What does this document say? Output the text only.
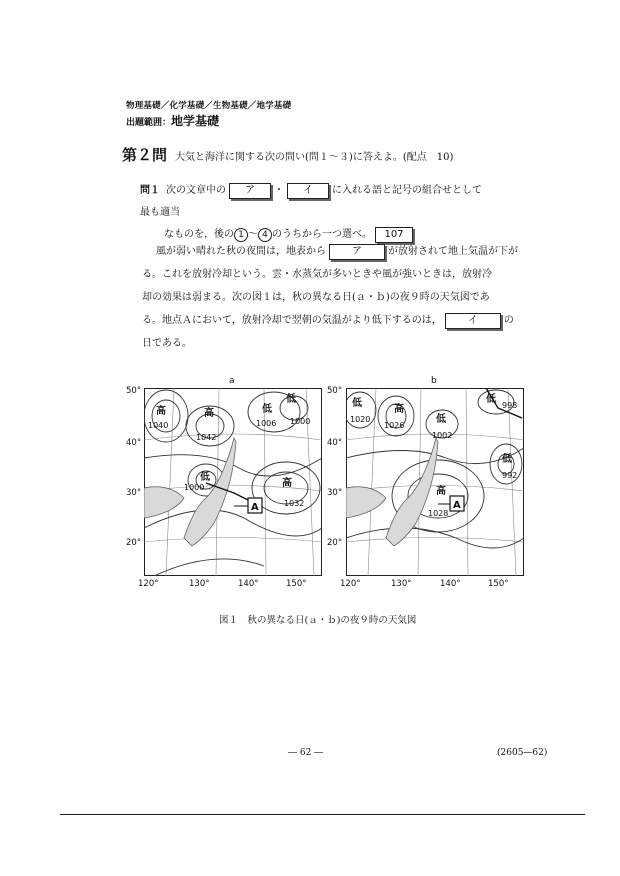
物理基礎／化学基礎／生物基礎／地学基礎
出題範囲：地学基礎
第２問 大気と海洋に関する次の問い(問１～３)に答えよ。(配点　10)
問１ 次の文章中の ア ・ イ に入れる語と記号の組合せとして最も適当
なものを，後の 1 ～ 4 のうちから一つ選べ。 107

風が弱い晴れた秋の夜間は，地表から	ア	が放射されて地上気温が下が

る。これを放射冷却という。雲・水蒸気が多いときや風が強いときは，放射冷

却の効果は弱まる。次の図１は，秋の異なる日(ａ・ｂ)の夜９時の天気図であ

る。地点Ａにおいて，放射冷却で翌朝の気温がより低下するのは，	イ	の

日である。

a	b
50°
40°
30°
20°
50°
40°
30°
20°
高
1040
高
1042
低
1006
低
1000
低
1000	高
1032
A
低
1020
高
1026
低
998
低
1002
低
992
高
1028
A
120°	130°	140°	150°	120°	130°	140°	150°
図１　秋の異なる日(ａ・ｂ)の夜９時の天気図
― 62 ―	(2605―62)
